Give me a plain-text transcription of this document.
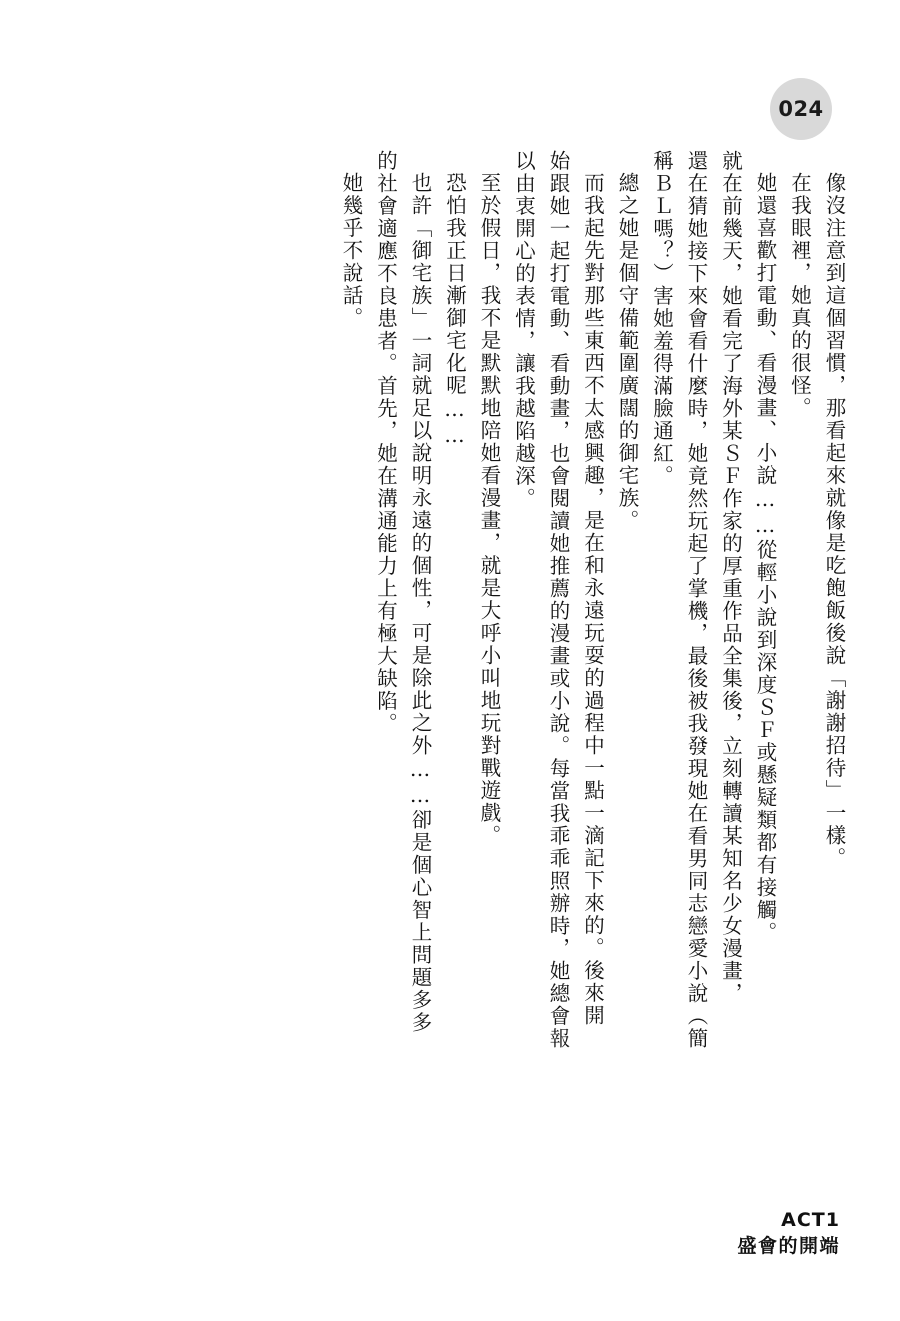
024
像沒注意到這個習慣，那看起來就像是吃飽飯後說「謝謝招待」一樣。
在我眼裡，她真的很怪。
她還喜歡打電動、看漫畫、小說……從輕小說到深度ＳＦ或懸疑類都有接觸。
就在前幾天，她看完了海外某ＳＦ作家的厚重作品全集後，立刻轉讀某知名少女漫畫，
還在猜她接下來會看什麼時，她竟然玩起了掌機，最後被我發現她在看男同志戀愛小說（簡
稱ＢＬ嗎？）害她羞得滿臉通紅。
總之她是個守備範圍廣闊的御宅族。
而我起先對那些東西不太感興趣，是在和永遠玩耍的過程中一點一滴記下來的。後來開
始跟她一起打電動、看動畫，也會閱讀她推薦的漫畫或小說。每當我乖乖照辦時，她總會報
以由衷開心的表情，讓我越陷越深。
至於假日，我不是默默地陪她看漫畫，就是大呼小叫地玩對戰遊戲。
恐怕我正日漸御宅化呢……
也許「御宅族」一詞就足以說明永遠的個性，可是除此之外……卻是個心智上問題多多
的社會適應不良患者。首先，她在溝通能力上有極大缺陷。
她幾乎不說話。
ACT1
盛會的開端
